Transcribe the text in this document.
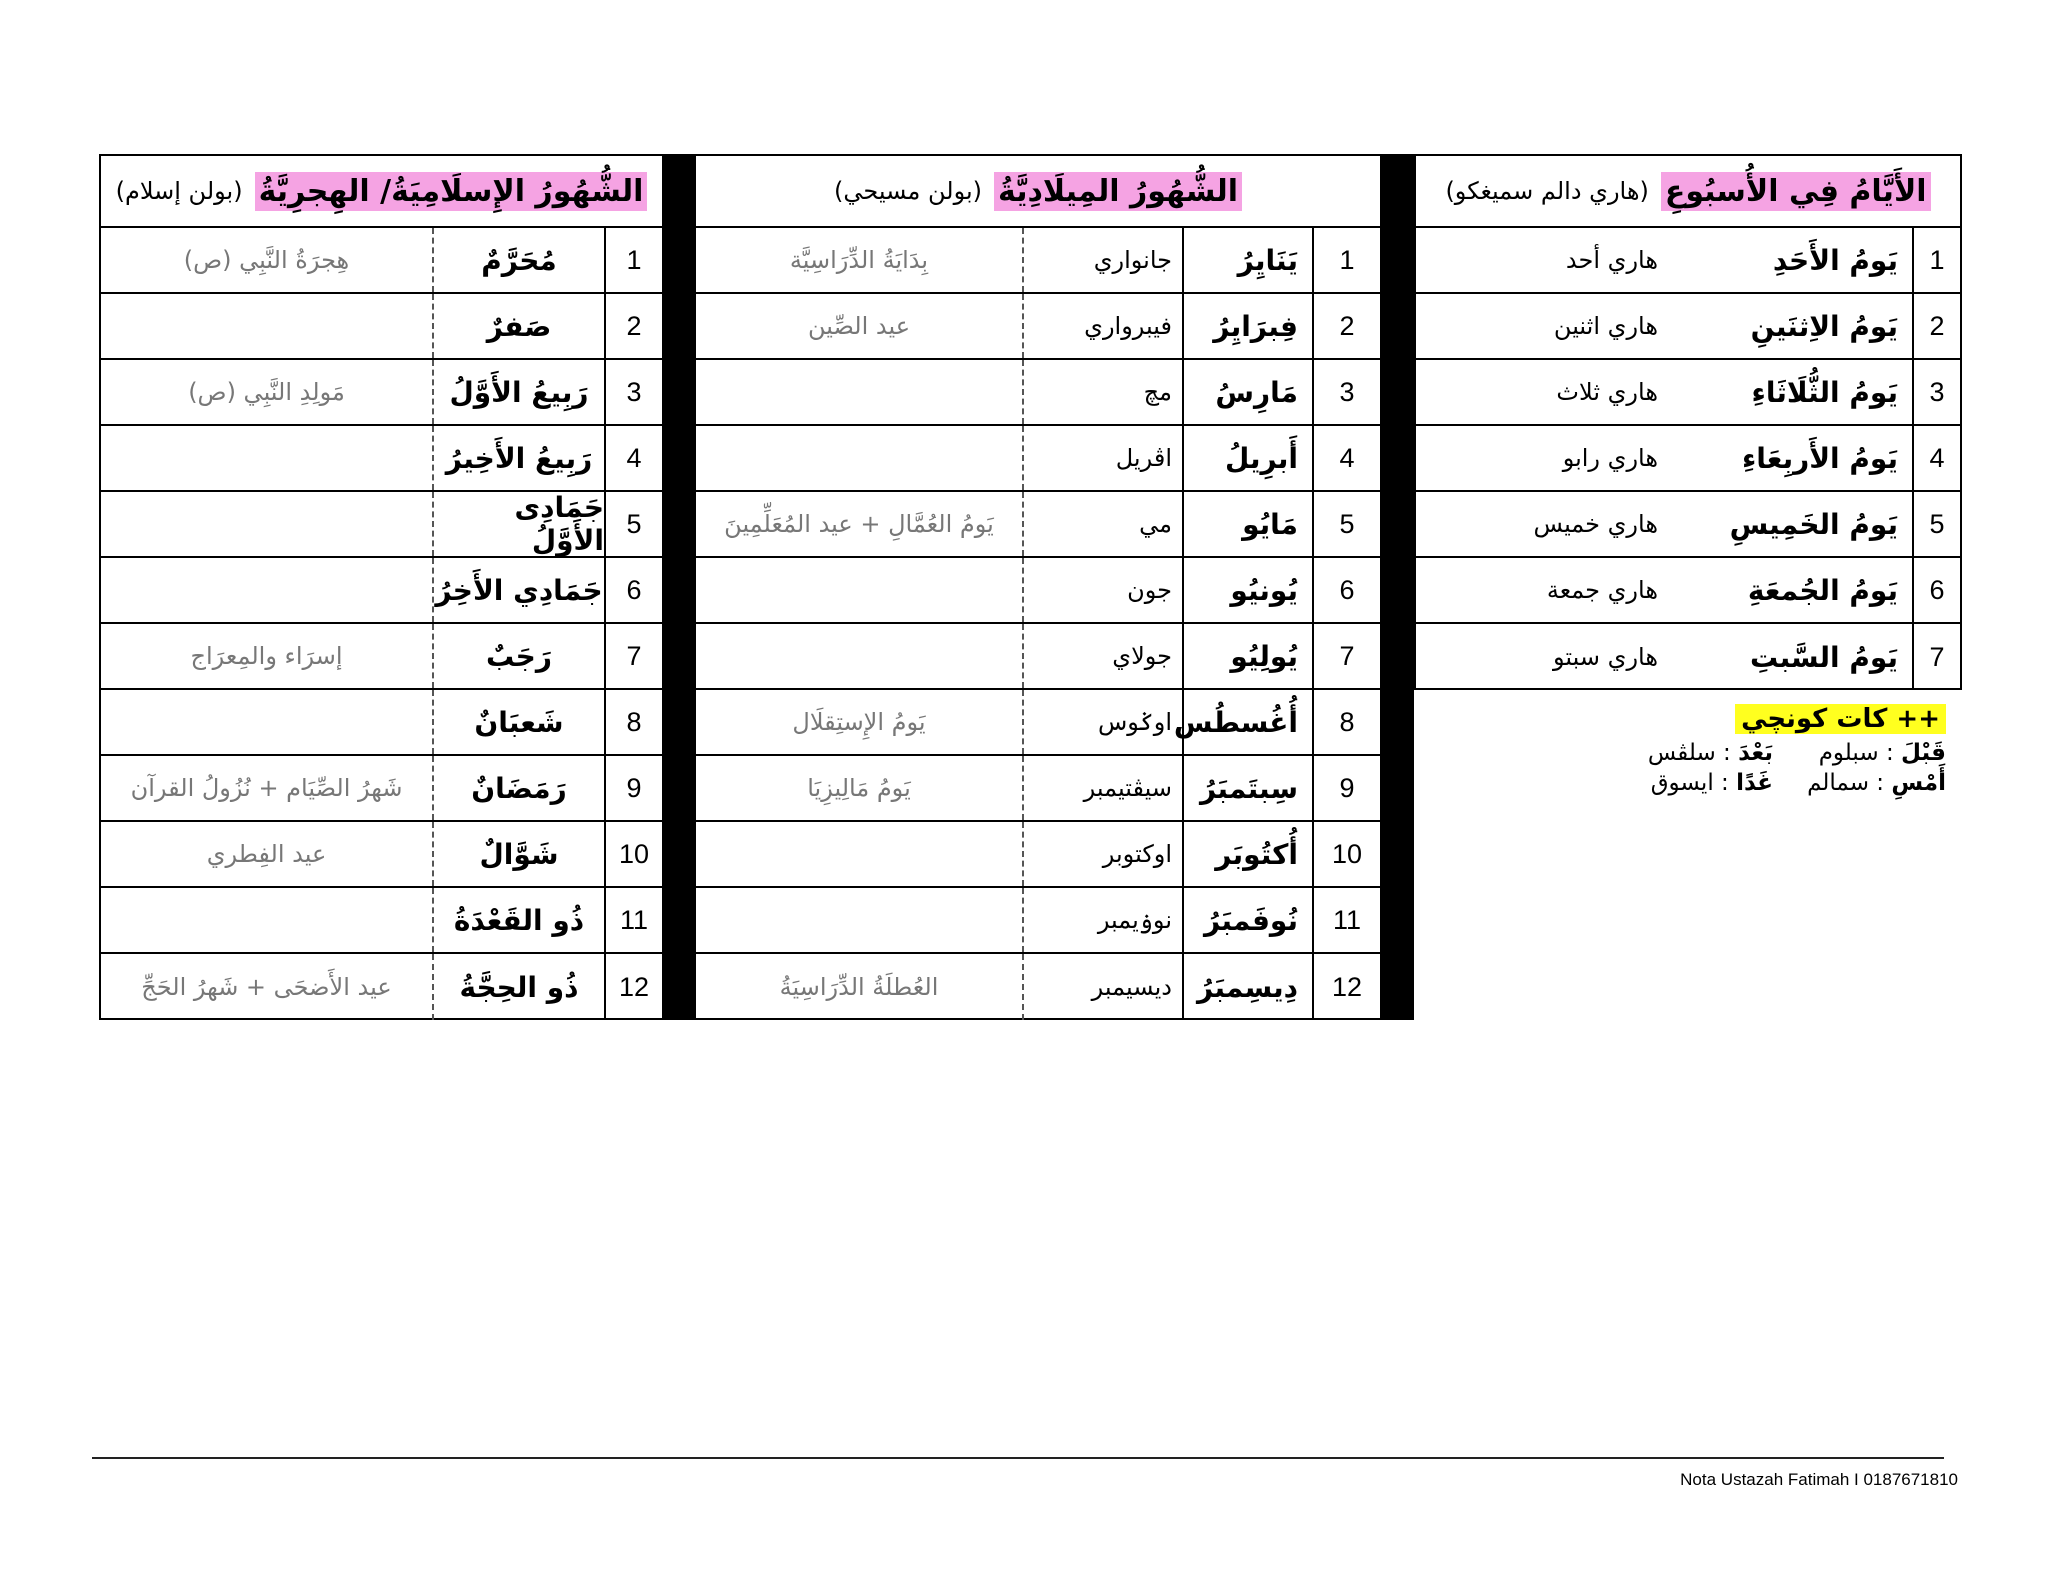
الأَيَّامُ فِي الأُسبُوعِ
(هاري دالم سميغكو)
1
يَومُ الأَحَدِ
هاري أحد
2
يَومُ الاِثنَينِ
هاري اثنين
3
يَومُ الثُّلَاثَاءِ
هاري ثلاث
4
يَومُ الأَربِعَاءِ
هاري رابو
5
يَومُ الخَمِيسِ
هاري خميس
6
يَومُ الجُمعَةِ
هاري جمعة
7
يَومُ السَّبتِ
هاري سبتو
++ كات كونچي
قَبْلَ : سبلوم
بَعْدَ : سلڤس
أَمْسِ : سمالم
غَدًا : ايسوق
الشُّهُورُ المِيلَادِيَّةُ
(بولن مسيحي)
1
يَنَايِرُ
جانواري
بِدَايَةُ الدِّرَاسِيَّة
2
فِبرَايِرُ
فيبرواري
عيد الصِّين
3
مَارِسُ
مچ
4
أَبرِيلُ
اڤريل
5
مَايُو
مي
يَومُ العُمَّالِ + عيد المُعَلِّمِينَ
6
يُونيُو
جون
7
يُولِيُو
جولاي
8
أُغُسطُس
اوݢوس
يَومُ الإِستِقلَال
9
سِبتَمبَرُ
سيڤتيمبر
يَومُ مَالِيزِيَا
10
أُكتُوبَر
اوکتوبر
11
نُوفَمبَرُ
نوۏيمبر
12
دِيسِمبَرُ
ديسيمبر
العُطلَةُ الدِّرَاسِيَةُ
الشُّهُورُ الإِسلَامِيَةُ/ الهِجرِيَّةُ
(بولن إسلام)
1
مُحَرَّمٌ
هِجرَةُ النَّبِي (ص)
2
صَفرٌ
3
رَبِيعُ الأَوَّلُ
مَولِدِ النَّبِي (ص)
4
رَبِيعُ الأَخِيرُ
5
جَمَادِى الأَوَّلُ
6
جَمَادِي الأَخِرُ
7
رَجَبٌ
إسرَاء والمِعرَاج
8
شَعبَانٌ
9
رَمَضَانٌ
شَهرُ الصِّيَام + نُزُولُ القرآن
10
شَوَّالٌ
عيد الفِطري
11
ذُو القَعْدَةُ
12
ذُو الحِجَّةُ
عيد الأَضحَى + شَهرُ الحَجِّ
Nota Ustazah Fatimah I 0187671810
